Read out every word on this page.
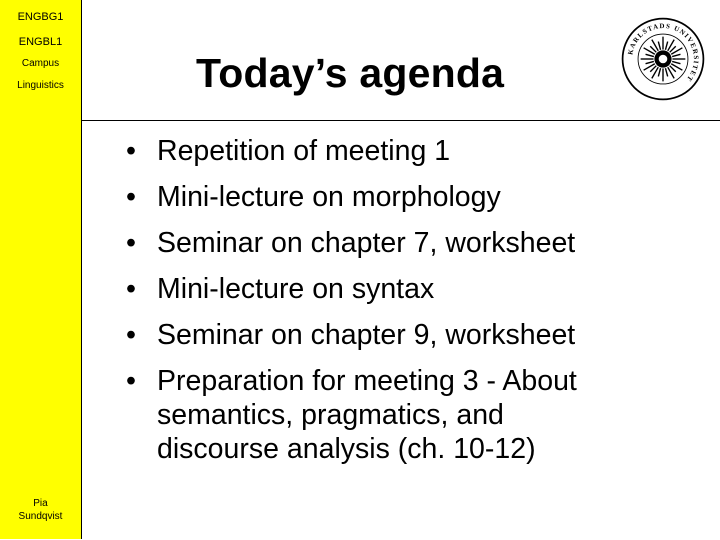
ENGBG1
ENGBL1
Campus
Linguistics
Pia
Sundqvist
Today’s agenda	KARLSTADS UNIVERSITET
• Repetition of meeting 1
• Mini-lecture on morphology
• Seminar on chapter 7, worksheet
• Mini-lecture on syntax
• Seminar on chapter 9, worksheet
• Preparation for meeting 3 - About
semantics, pragmatics, and
discourse analysis (ch. 10-12)
